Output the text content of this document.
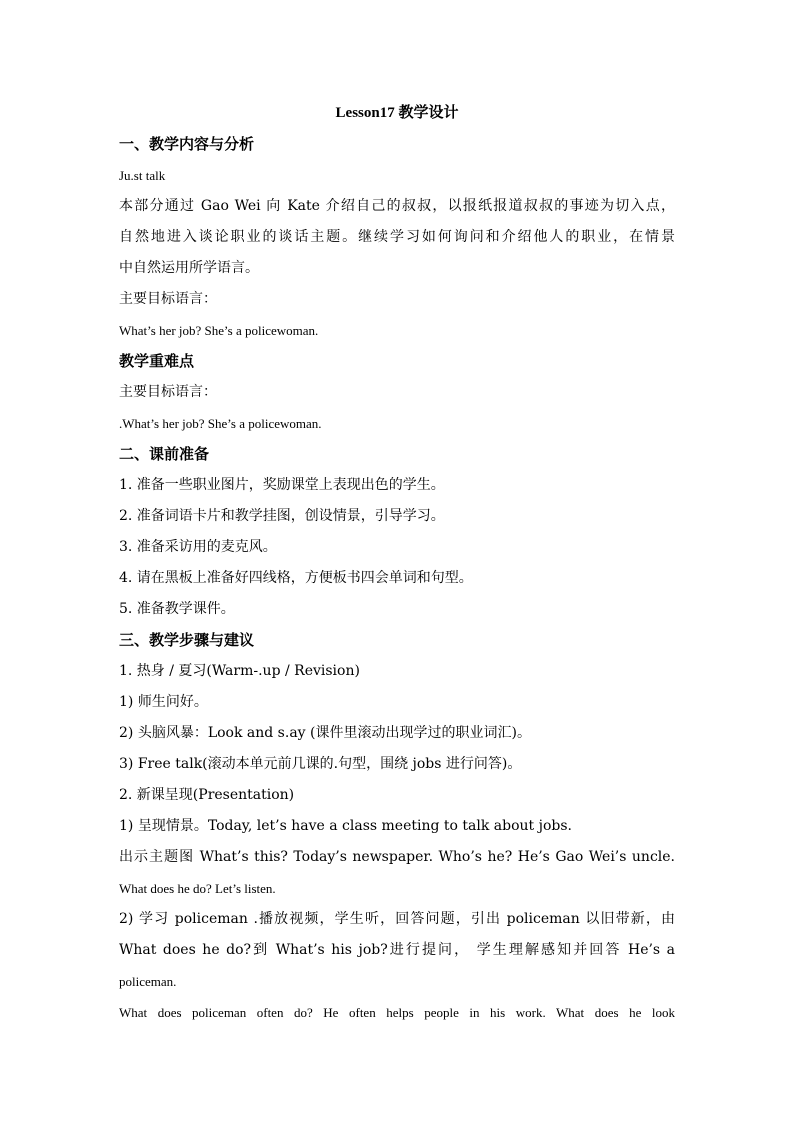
Lesson17 教学设计
一、教学内容与分析
Ju.st talk
本部分通过 Gao Wei 向 Kate 介绍自己的叔叔，以报纸报道叔叔的事迹为切入点，
自然地进入谈论职业的谈话主题。继续学习如何询问和介绍他人的职业，在情景
中自然运用所学语言。
主要目标语言：
What’s her job? She’s a policewoman.
教学重难点
主要目标语言：
.What’s her job? She’s a policewoman.
二、课前准备
1. 准备一些职业图片，奖励课堂上表现出色的学生。
2. 准备词语卡片和教学挂图，创设情景，引导学习。
3. 准备采访用的麦克风。
4. 请在黑板上准备好四线格，方便板书四会单词和句型。
5. 准备教学课件。
三、教学步骤与建议
1. 热身 / 夏习(Warm-.up / Revision)
1) 师生问好。
2) 头脑风暴：Look and s.ay (课件里滚动出现学过的职业词汇)。
3) Free talk(滚动本单元前几课的.句型，围绕 jobs 进行问答)。
2. 新课呈现(Presentation)
1) 呈现情景。Today, let’s have a class meeting to talk about jobs.
出示主题图 What’s this? Today’s newspaper. Who’s he? He’s Gao Wei’s uncle.
What does he do? Let’s listen.
2) 学习 policeman .播放视频，学生听，回答问题，引出 policeman 以旧带新，由
What does he do?到 What’s his job?进行提问， 学生理解感知并回答 He’s a
policeman.
What does policeman often do? He often helps people in his work. What does he look
